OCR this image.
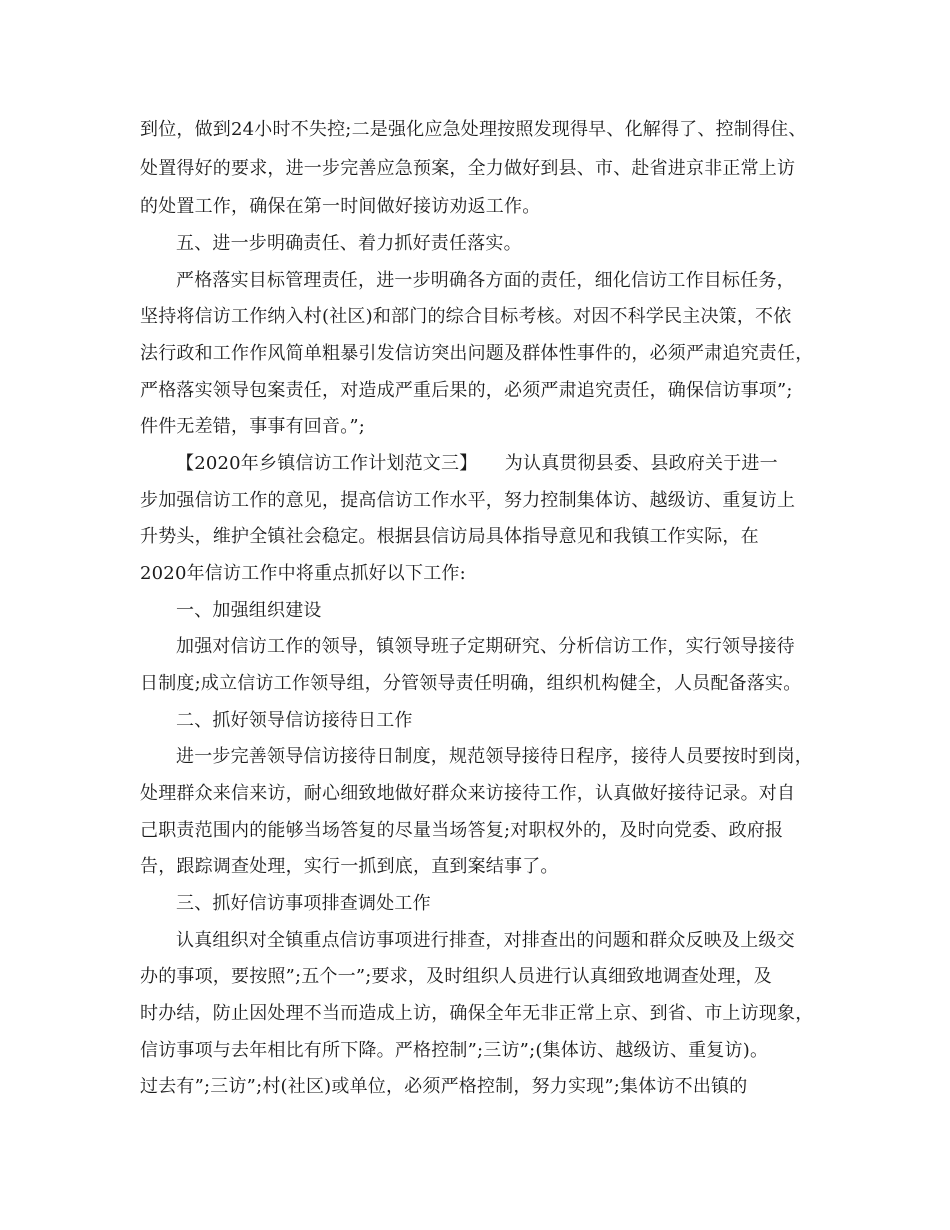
到位，做到24小时不失控;二是强化应急处理按照发现得早、化解得了、控制得住、
处置得好的要求，进一步完善应急预案，全力做好到县、市、赴省进京非正常上访
的处置工作，确保在第一时间做好接访劝返工作。
五、进一步明确责任、着力抓好责任落实。
严格落实目标管理责任，进一步明确各方面的责任，细化信访工作目标任务，
坚持将信访工作纳入村(社区)和部门的综合目标考核。对因不科学民主决策，不依
法行政和工作作风简单粗暴引发信访突出问题及群体性事件的，必须严肃追究责任，
严格落实领导包案责任，对造成严重后果的，必须严肃追究责任，确保信访事项”;
件件无差错，事事有回音。”;
【2020年乡镇信访工作计划范文三】　　为认真贯彻县委、县政府关于进一
步加强信访工作的意见，提高信访工作水平，努力控制集体访、越级访、重复访上
升势头，维护全镇社会稳定。根据县信访局具体指导意见和我镇工作实际，在
2020年信访工作中将重点抓好以下工作:
一、加强组织建设
加强对信访工作的领导，镇领导班子定期研究、分析信访工作，实行领导接待
日制度;成立信访工作领导组，分管领导责任明确，组织机构健全，人员配备落实。
二、抓好领导信访接待日工作
进一步完善领导信访接待日制度，规范领导接待日程序，接待人员要按时到岗，
处理群众来信来访，耐心细致地做好群众来访接待工作，认真做好接待记录。对自
己职责范围内的能够当场答复的尽量当场答复;对职权外的，及时向党委、政府报
告，跟踪调查处理，实行一抓到底，直到案结事了。
三、抓好信访事项排查调处工作
认真组织对全镇重点信访事项进行排查，对排查出的问题和群众反映及上级交
办的事项，要按照”;五个一”;要求，及时组织人员进行认真细致地调查处理，及
时办结，防止因处理不当而造成上访，确保全年无非正常上京、到省、市上访现象，
信访事项与去年相比有所下降。严格控制”;三访”;(集体访、越级访、重复访)。
过去有”;三访”;村(社区)或单位，必须严格控制，努力实现”;集体访不出镇的
